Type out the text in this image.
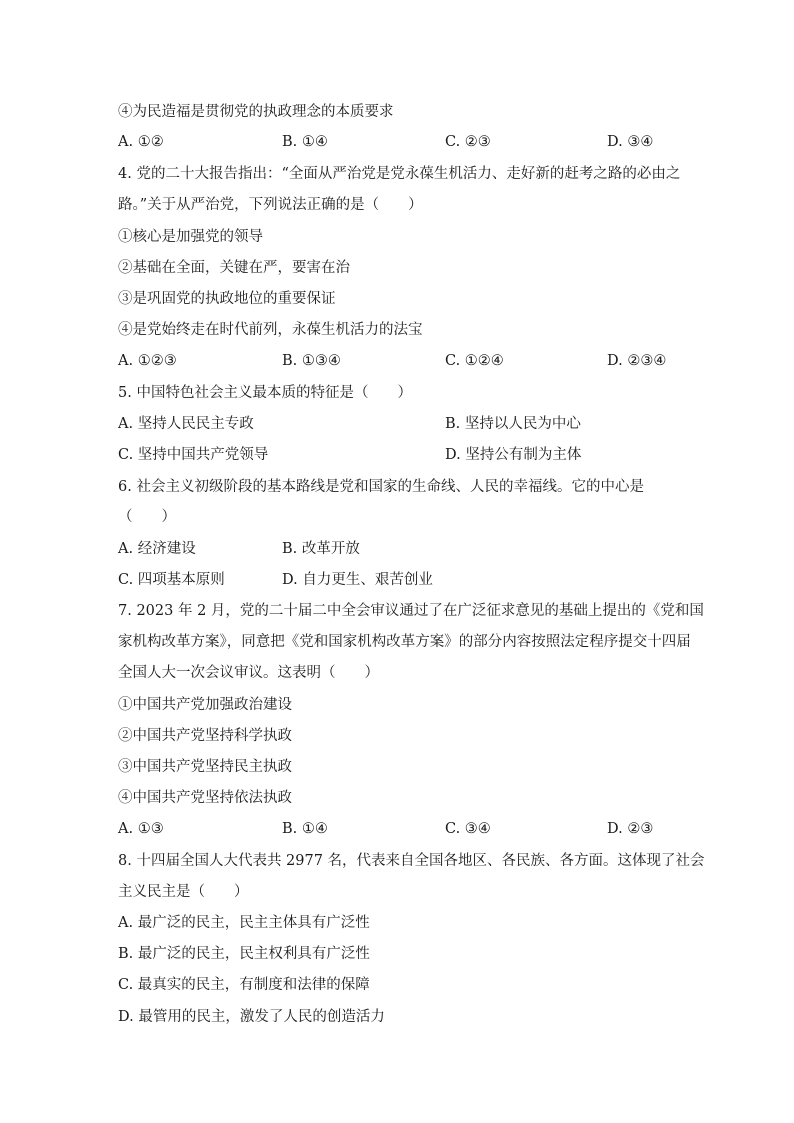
④为民造福是贯彻党的执政理念的本质要求
A. ①②	B. ①④	C. ②③	D. ③④
4. 党的二十大报告指出：“全面从严治党是党永葆生机活力、走好新的赶考之路的必由之
路。”关于从严治党，下列说法正确的是（　　）
①核心是加强党的领导
②基础在全面，关键在严，要害在治
③是巩固党的执政地位的重要保证
④是党始终走在时代前列，永葆生机活力的法宝
A. ①②③	B. ①③④	C. ①②④	D. ②③④
5. 中国特色社会主义最本质的特征是（　　）
A. 坚持人民民主专政	B. 坚持以人民为中心
C. 坚持中国共产党领导	D. 坚持公有制为主体
6. 社会主义初级阶段的基本路线是党和国家的生命线、人民的幸福线。它的中心是
（　　）
A. 经济建设	B. 改革开放
C. 四项基本原则	D. 自力更生、艰苦创业
7. 2023 年 2 月，党的二十届二中全会审议通过了在广泛征求意见的基础上提出的《党和国
家机构改革方案》，同意把《党和国家机构改革方案》的部分内容按照法定程序提交十四届
全国人大一次会议审议。这表明（　　）
①中国共产党加强政治建设
②中国共产党坚持科学执政
③中国共产党坚持民主执政
④中国共产党坚持依法执政
A. ①③	B. ①④	C. ③④	D. ②③
8. 十四届全国人大代表共 2977 名，代表来自全国各地区、各民族、各方面。这体现了社会
主义民主是（　　）
A. 最广泛的民主，民主主体具有广泛性
B. 最广泛的民主，民主权利具有广泛性
C. 最真实的民主，有制度和法律的保障
D. 最管用的民主，激发了人民的创造活力
